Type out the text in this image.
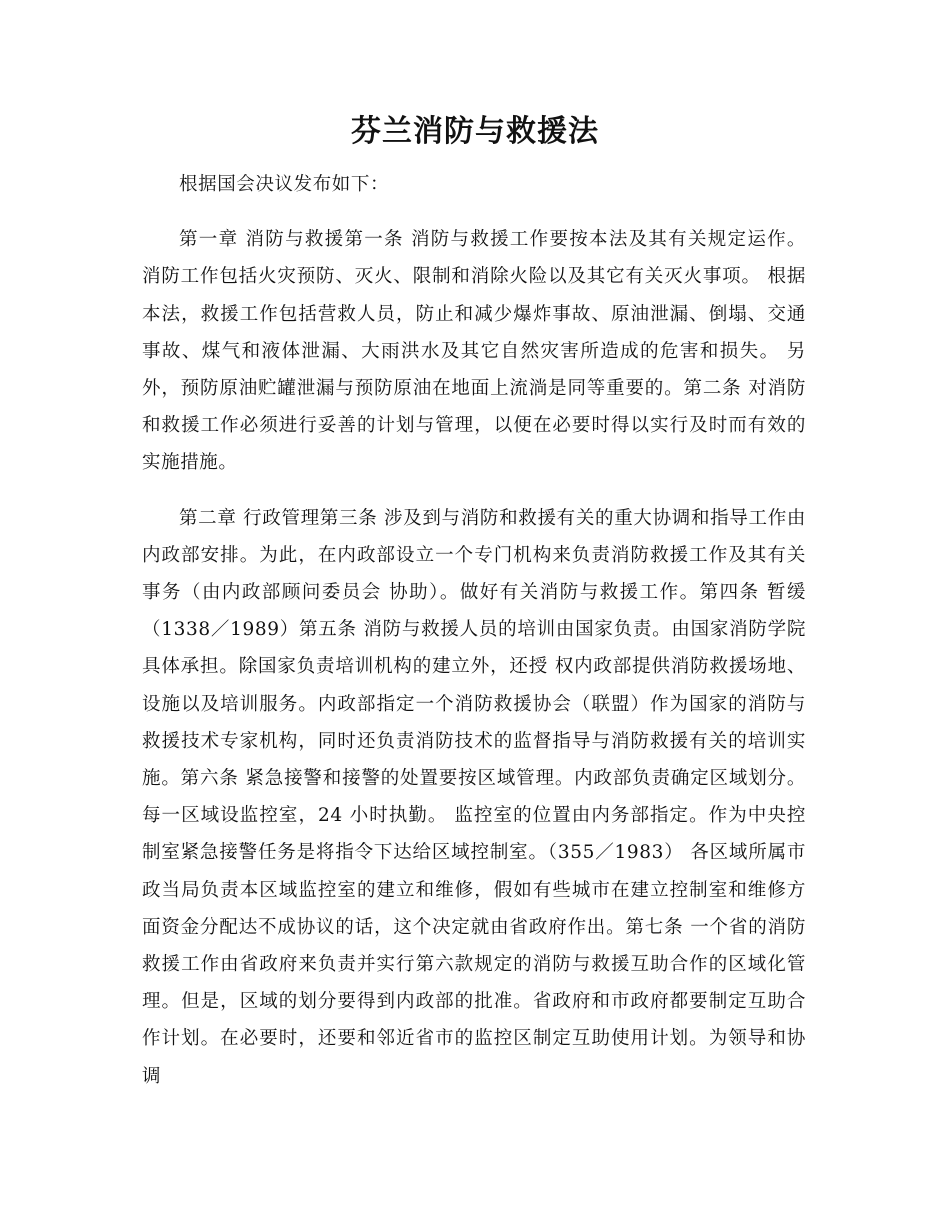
芬兰消防与救援法

根据国会决议发布如下：

第一章 消防与救援第一条 消防与救援工作要按本法及其有关规定运作。 消防工作包括火灾预防、灭火、限制和消除火险以及其它有关灭火事项。 根据本法，救援工作包括营救人员，防止和减少爆炸事故、原油泄漏、倒塌、交通事故、煤气和液体泄漏、大雨洪水及其它自然灾害所造成的危害和损失。 另外，预防原油贮罐泄漏与预防原油在地面上流淌是同等重要的。第二条 对消防和救援工作必须进行妥善的计划与管理，以便在必要时得以实行及时而有效的实施措施。

第二章 行政管理第三条 涉及到与消防和救援有关的重大协调和指导工作由内政部安排。为此，在内政部设立一个专门机构来负责消防救援工作及其有关事务（由内政部顾问委员会 协助）。做好有关消防与救援工作。第四条 暂缓（1338／1989）第五条 消防与救援人员的培训由国家负责。由国家消防学院具体承担。除国家负责培训机构的建立外，还授 权内政部提供消防救援场地、设施以及培训服务。内政部指定一个消防救援协会（联盟）作为国家的消防与救援技术专家机构，同时还负责消防技术的监督指导与消防救援有关的培训实施。第六条 紧急接警和接警的处置要按区域管理。内政部负责确定区域划分。每一区域设监控室，24 小时执勤。 监控室的位置由内务部指定。作为中央控制室紧急接警任务是将指令下达给区域控制室。（355／1983） 各区域所属市政当局负责本区域监控室的建立和维修，假如有些城市在建立控制室和维修方面资金分配达不成协议的话，这个决定就由省政府作出。第七条 一个省的消防救援工作由省政府来负责并实行第六款规定的消防与救援互助合作的区域化管理。但是，区域的划分要得到内政部的批准。省政府和市政府都要制定互助合作计划。在必要时，还要和邻近省市的监控区制定互助使用计划。为领导和协调
